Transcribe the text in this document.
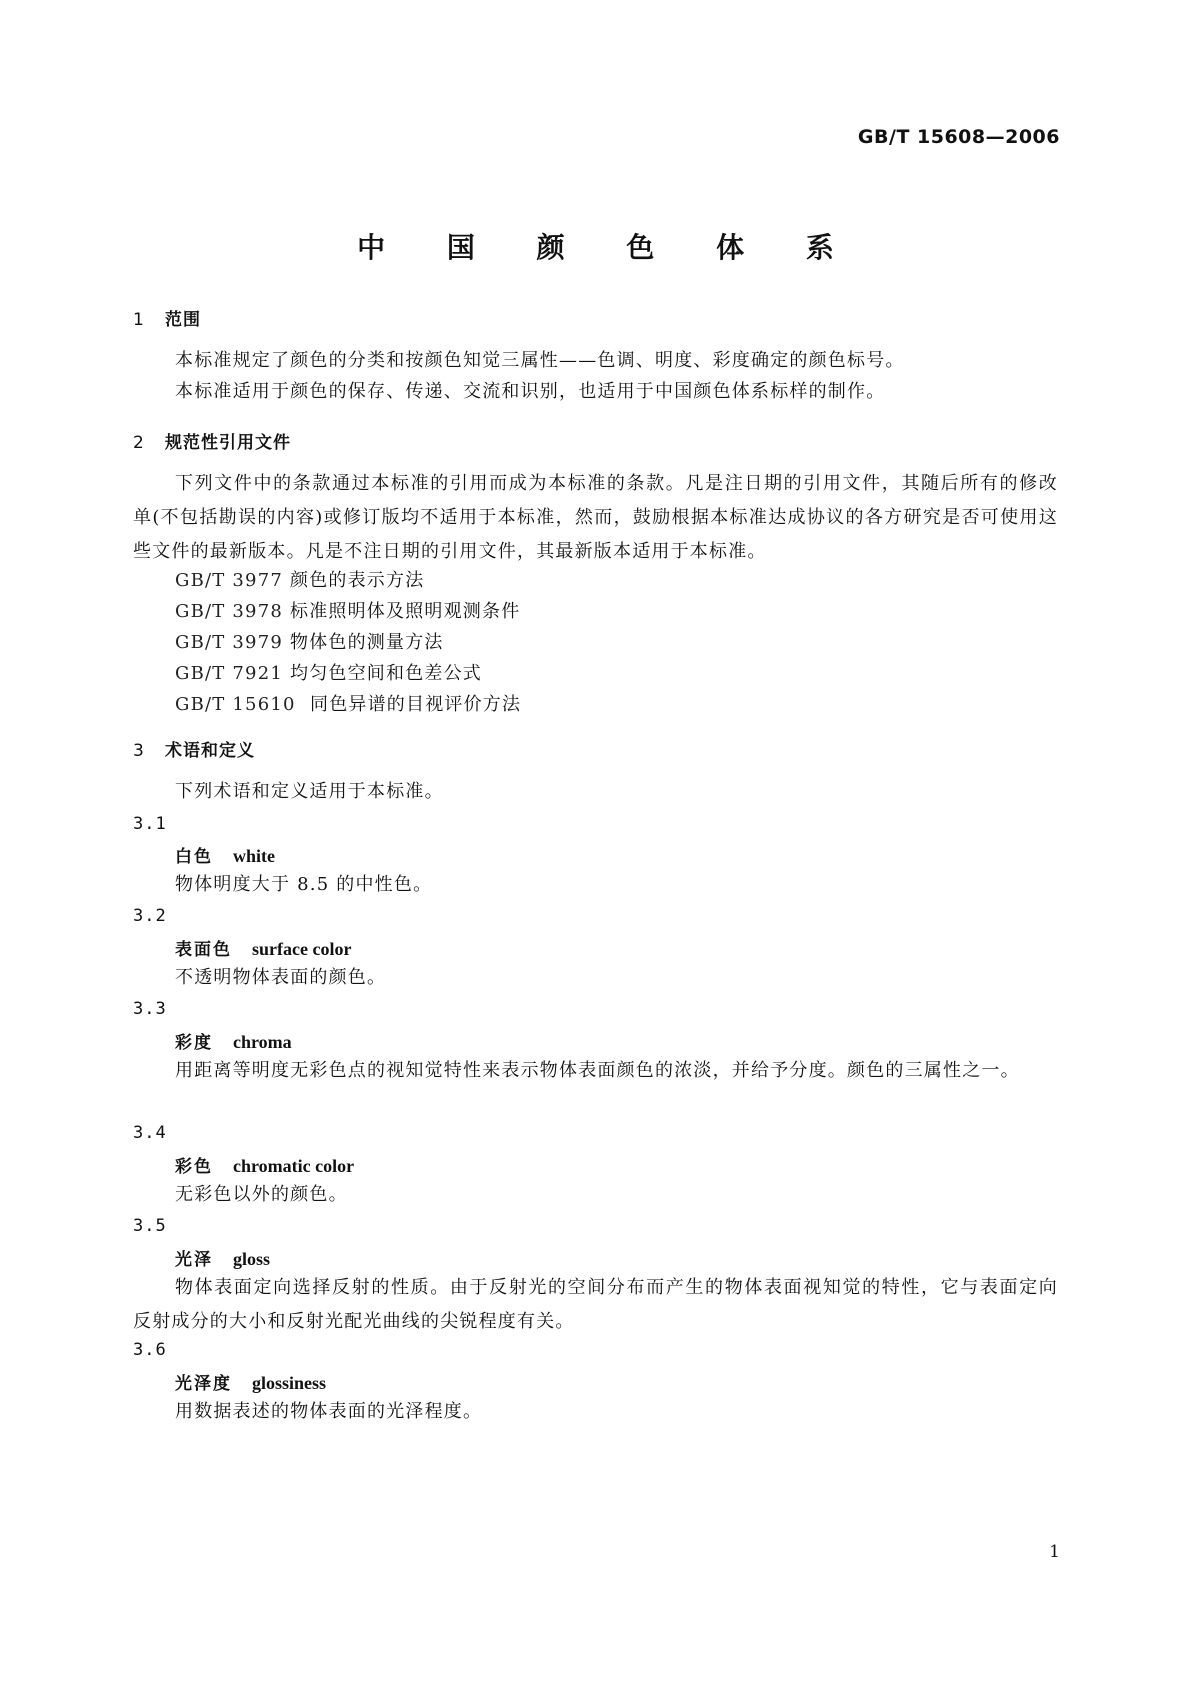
GB/T 15608—2006
中 国 颜 色 体 系
1 范围
本标准规定了颜色的分类和按颜色知觉三属性——色调、明度、彩度确定的颜色标号。
本标准适用于颜色的保存、传递、交流和识别，也适用于中国颜色体系标样的制作。
2 规范性引用文件
下列文件中的条款通过本标准的引用而成为本标准的条款。凡是注日期的引用文件，其随后所有的修改单(不包括勘误的内容)或修订版均不适用于本标准，然而，鼓励根据本标准达成协议的各方研究是否可使用这些文件的最新版本。凡是不注日期的引用文件，其最新版本适用于本标准。
GB/T 3977 颜色的表示方法
GB/T 3978 标准照明体及照明观测条件
GB/T 3979 物体色的测量方法
GB/T 7921 均匀色空间和色差公式
GB/T 15610 同色异谱的目视评价方法
3 术语和定义
下列术语和定义适用于本标准。
3.1
白色 white
物体明度大于 8.5 的中性色。
3.2
表面色 surface color
不透明物体表面的颜色。
3.3
彩度 chroma
用距离等明度无彩色点的视知觉特性来表示物体表面颜色的浓淡，并给予分度。颜色的三属性之一。
3.4
彩色 chromatic color
无彩色以外的颜色。
3.5
光泽 gloss
物体表面定向选择反射的性质。由于反射光的空间分布而产生的物体表面视知觉的特性，它与表面定向反射成分的大小和反射光配光曲线的尖锐程度有关。
3.6
光泽度 glossiness
用数据表述的物体表面的光泽程度。
1
